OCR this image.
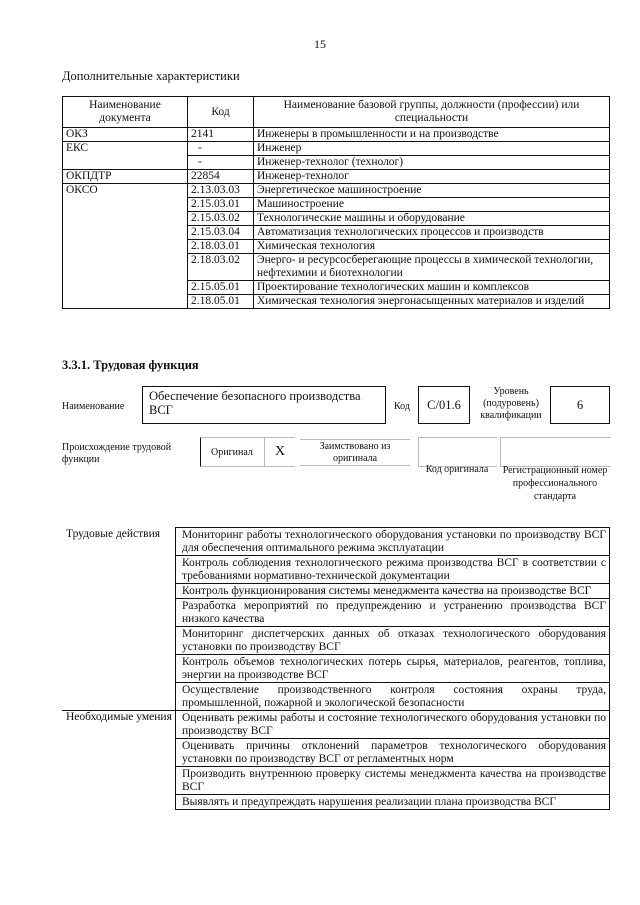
15
Дополнительные характеристики
Наименование документа	Код	Наименование базовой группы, должности (профессии) или специальности
ОКЗ	2141	Инженеры в промышленности и на производстве
ЕКС	-	Инженер
	-	Инженер-технолог (технолог)
ОКПДТР	22854	Инженер-технолог
ОКСО	2.13.03.03	Энергетическое машиностроение
	2.15.03.01	Машиностроение
	2.15.03.02	Технологические машины и оборудование
	2.15.03.04	Автоматизация технологических процессов и производств
	2.18.03.01	Химическая технология
	2.18.03.02	Энерго- и ресурсосберегающие процессы в химической технологии, нефтехимии и биотехнологии
	2.15.05.01	Проектирование технологических машин и комплексов
	2.18.05.01	Химическая технология энергонасыщенных материалов и изделий
3.3.1. Трудовая функция
Наименование
Обеспечение безопасного производства ВСГ	Код	С/01.6
Уровень (подуровень) квалификации
6
Происхождение трудовой функции
Оригинал	X	Заимствовано из оригинала
Код оригинала	Регистрационный номер профессионального стандарта
Трудовые действия	Мониторинг работы технологического оборудования установки по производству ВСГ для обеспечения оптимального режима эксплуатации
	Контроль соблюдения технологического режима производства ВСГ в соответствии с требованиями нормативно-технической документации
	Контроль функционирования системы менеджмента качества на производстве ВСГ
	Разработка мероприятий по предупреждению и устранению производства ВСГ низкого качества
	Мониторинг диспетчерских данных об отказах технологического оборудования установки по производству ВСГ
	Контроль объемов технологических потерь сырья, материалов, реагентов, топлива, энергии на производстве ВСГ
	Осуществление производственного контроля состояния охраны труда, промышленной, пожарной и экологической безопасности
Необходимые умения	Оценивать режимы работы и состояние технологического оборудования установки по производству ВСГ
	Оценивать причины отклонений параметров технологического оборудования установки по производству ВСГ от регламентных норм
	Производить внутреннюю проверку системы менеджмента качества на производстве ВСГ
	Выявлять и предупреждать нарушения реализации плана производства ВСГ
